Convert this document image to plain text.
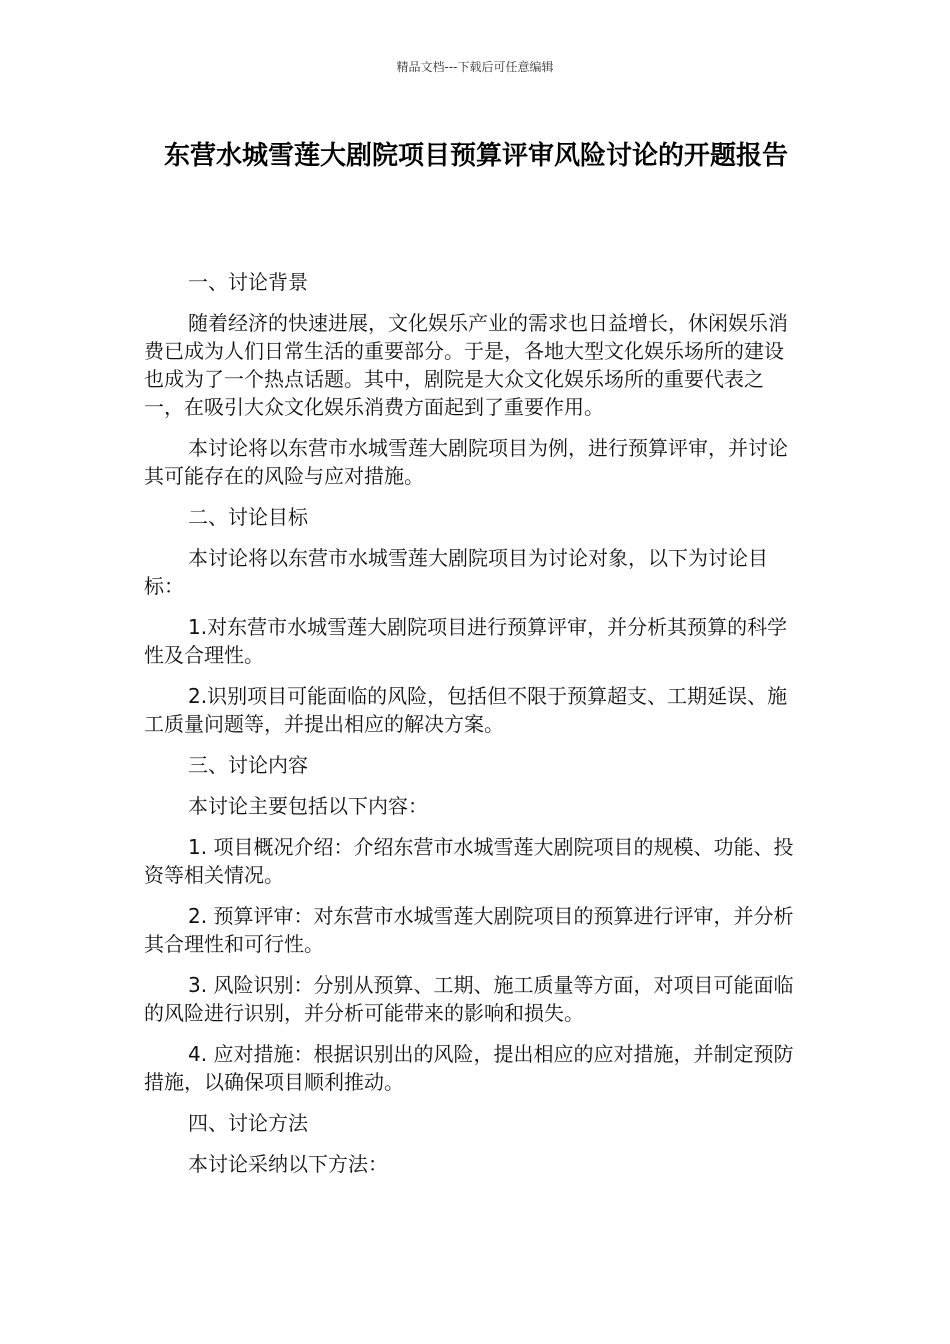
精品文档---下载后可任意编辑
东营水城雪莲大剧院项目预算评审风险讨论的开题报告

一、讨论背景

随着经济的快速进展，文化娱乐产业的需求也日益增长，休闲娱乐消费已成为人们日常生活的重要部分。于是，各地大型文化娱乐场所的建设也成为了一个热点话题。其中，剧院是大众文化娱乐场所的重要代表之一，在吸引大众文化娱乐消费方面起到了重要作用。

本讨论将以东营市水城雪莲大剧院项目为例，进行预算评审，并讨论其可能存在的风险与应对措施。

二、讨论目标

本讨论将以东营市水城雪莲大剧院项目为讨论对象，以下为讨论目标：

1.对东营市水城雪莲大剧院项目进行预算评审，并分析其预算的科学性及合理性。

2.识别项目可能面临的风险，包括但不限于预算超支、工期延误、施工质量问题等，并提出相应的解决方案。

三、讨论内容

本讨论主要包括以下内容：

1. 项目概况介绍：介绍东营市水城雪莲大剧院项目的规模、功能、投资等相关情况。

2. 预算评审：对东营市水城雪莲大剧院项目的预算进行评审，并分析其合理性和可行性。

3. 风险识别：分别从预算、工期、施工质量等方面，对项目可能面临的风险进行识别，并分析可能带来的影响和损失。

4. 应对措施：根据识别出的风险，提出相应的应对措施，并制定预防措施，以确保项目顺利推动。

四、讨论方法

本讨论采纳以下方法：
